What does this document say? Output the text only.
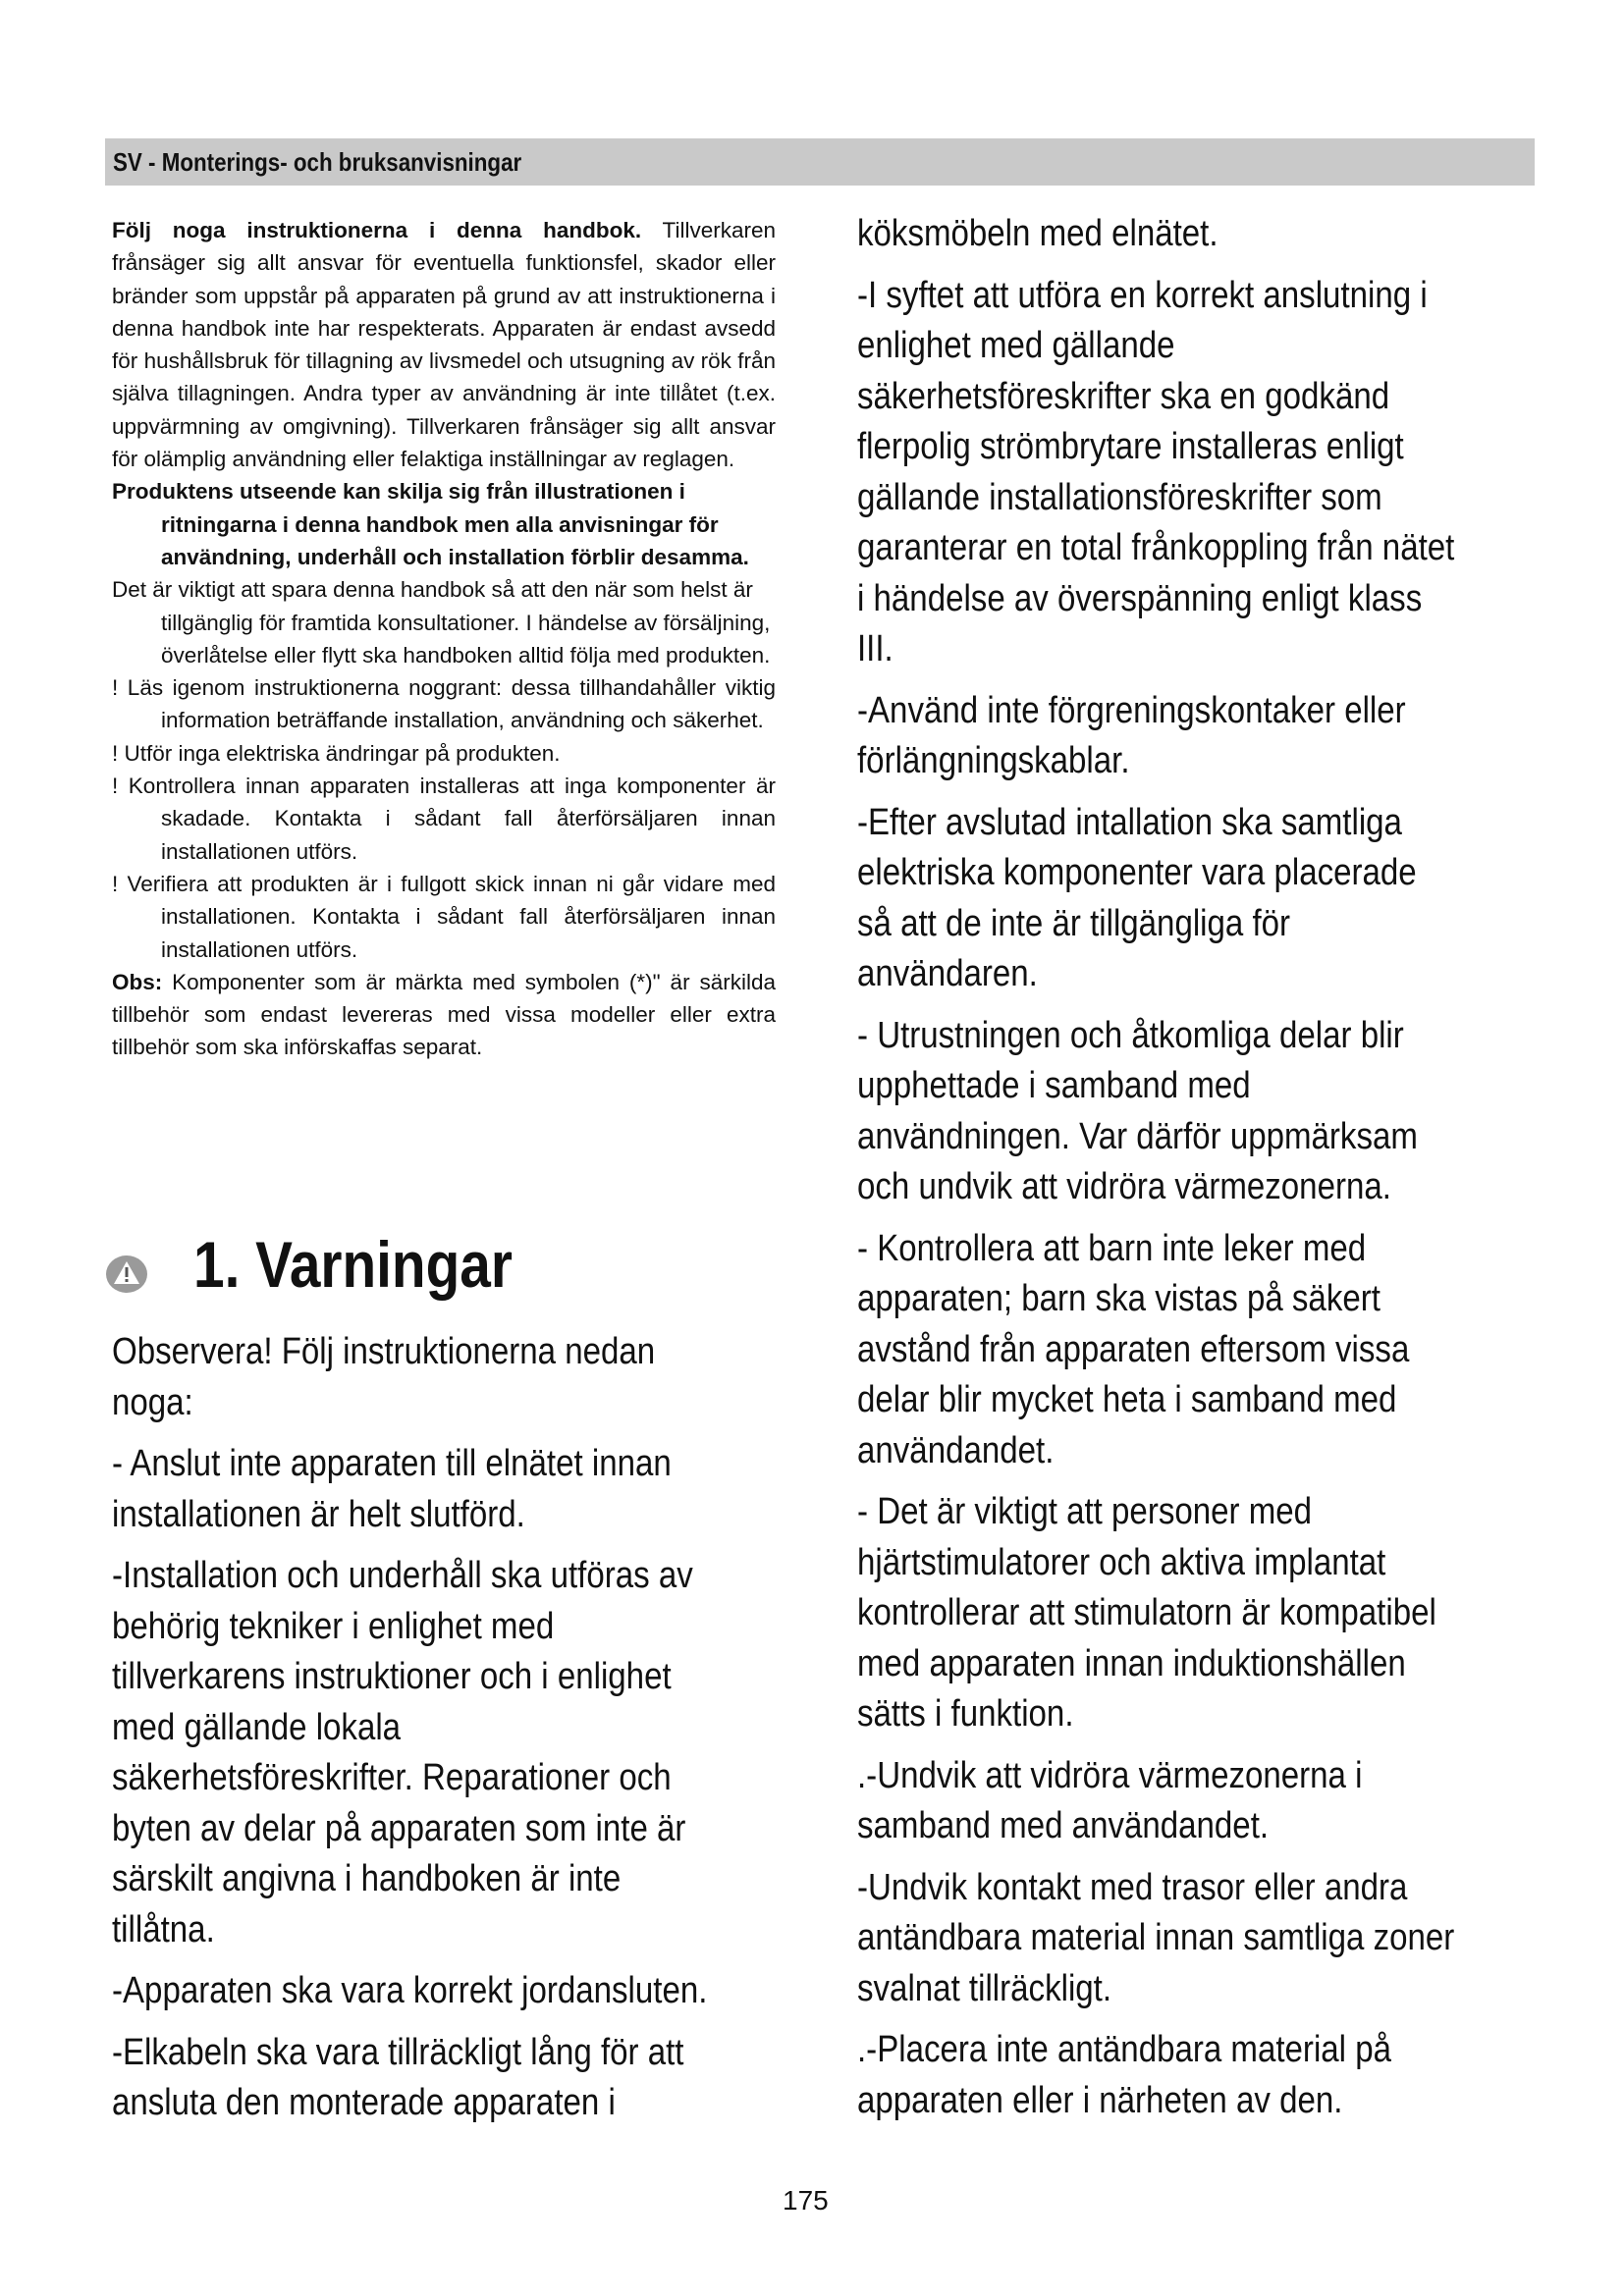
SV - Monterings- och bruksanvisningar

Följ noga instruktionerna i denna handbok. Tillverkaren frånsäger sig allt ansvar för eventuella funktionsfel, skador eller bränder som uppstår på apparaten på grund av att instruktionerna i denna handbok inte har respekterats. Apparaten är endast avsedd för hushållsbruk för tillagning av livsmedel och utsugning av rök från själva tillagningen. Andra typer av användning är inte tillåtet (t.ex. uppvärmning av omgivning). Tillverkaren frånsäger sig allt ansvar för olämplig användning eller felaktiga inställningar av reglagen.

Produktens utseende kan skilja sig från illustrationen i ritningarna i denna handbok men alla anvisningar för användning, underhåll och installation förblir desamma.

Det är viktigt att spara denna handbok så att den när som helst är tillgänglig för framtida konsultationer. I händelse av försäljning, överlåtelse eller flytt ska handboken alltid följa med produkten.

! Läs igenom instruktionerna noggrant: dessa tillhandahåller viktig information beträffande installation, användning och säkerhet.

! Utför inga elektriska ändringar på produkten.

! Kontrollera innan apparaten installeras att inga komponenter är skadade. Kontakta i sådant fall återförsäljaren innan installationen utförs.

! Verifiera att produkten är i fullgott skick innan ni går vidare med installationen. Kontakta i sådant fall återförsäljaren innan installationen utförs.

Obs: Komponenter som är märkta med symbolen (*)" är särkilda tillbehör som endast levereras med vissa modeller eller extra tillbehör som ska införskaffas separat.

1. Varningar

Observera! Följ instruktionerna nedan
noga:

- Anslut inte apparaten till elnätet innan
installationen är helt slutförd.

-Installation och underhåll ska utföras av
behörig tekniker i enlighet med
tillverkarens instruktioner och i enlighet
med gällande lokala
säkerhetsföreskrifter. Reparationer och
byten av delar på apparaten som inte är
särskilt angivna i handboken är inte
tillåtna.

-Apparaten ska vara korrekt jordansluten.

-Elkabeln ska vara tillräckligt lång för att
ansluta den monterade apparaten i

köksmöbeln med elnätet.

-I syftet att utföra en korrekt anslutning i
enlighet med gällande
säkerhetsföreskrifter ska en godkänd
flerpolig strömbrytare installeras enligt
gällande installationsföreskrifter som
garanterar en total frånkoppling från nätet
i händelse av överspänning enligt klass
III.

-Använd inte förgreningskontaker eller
förlängningskablar.

-Efter avslutad intallation ska samtliga
elektriska komponenter vara placerade
så att de inte är tillgängliga för
användaren.

- Utrustningen och åtkomliga delar blir
upphettade i samband med
användningen. Var därför uppmärksam
och undvik att vidröra värmezonerna.

- Kontrollera att barn inte leker med
apparaten; barn ska vistas på säkert
avstånd från apparaten eftersom vissa
delar blir mycket heta i samband med
användandet.

- Det är viktigt att personer med
hjärtstimulatorer och aktiva implantat
kontrollerar att stimulatorn är kompatibel
med apparaten innan induktionshällen
sätts i funktion.

.-Undvik att vidröra värmezonerna i
samband med användandet.

-Undvik kontakt med trasor eller andra
antändbara material innan samtliga zoner
svalnat tillräckligt.

.-Placera inte antändbara material på
apparaten eller i närheten av den.

175
